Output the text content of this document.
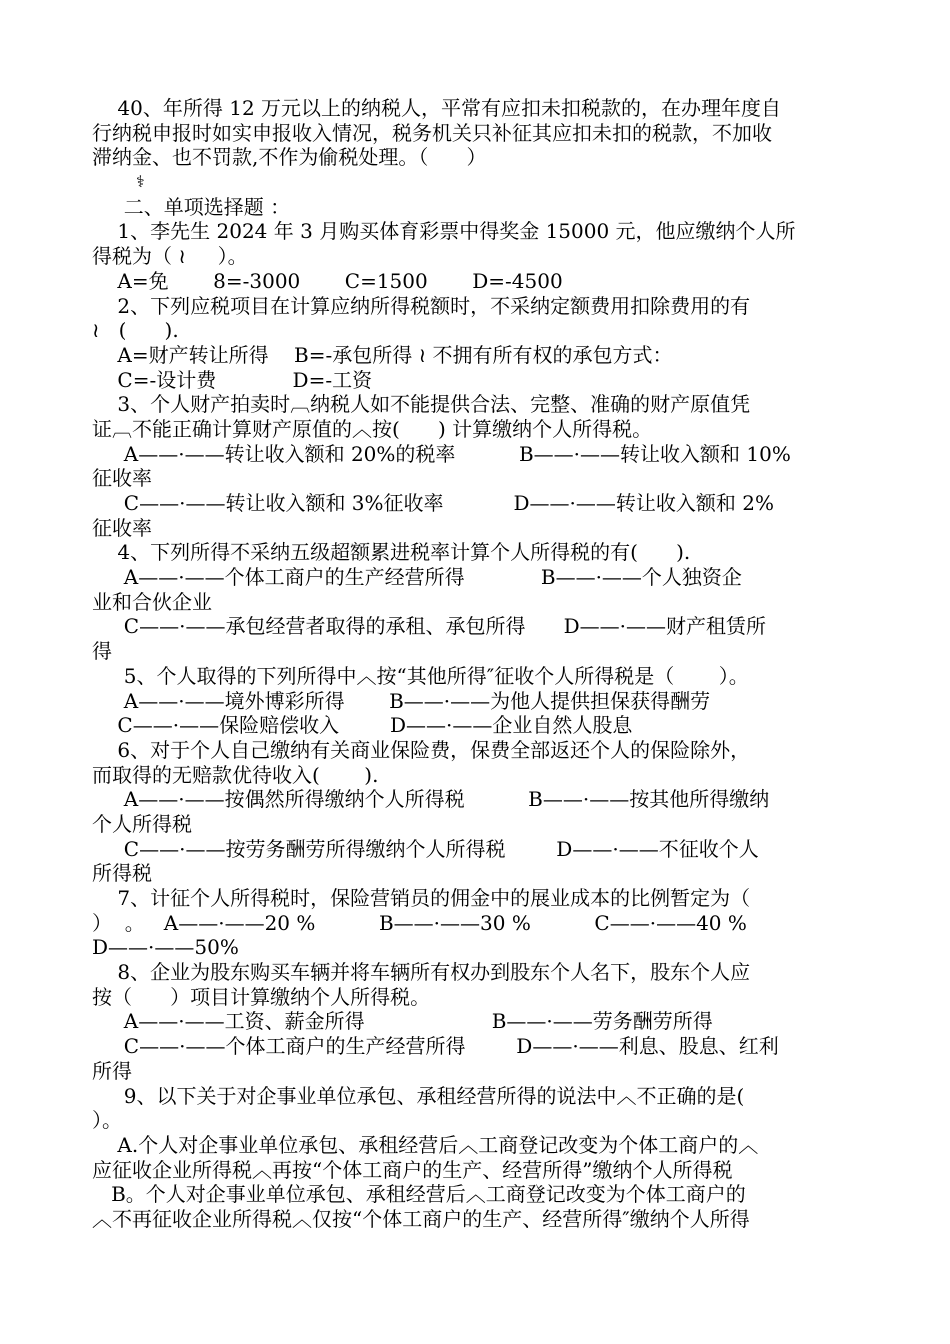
40、年所得 12 万元以上的纳税人，平常有应扣未扣税款的，在办理年度自

行纳税申报时如实申报收入情况，税务机关只补征其应扣未扣的税款，不加收

滞纳金、也不罚款,不作为偷税处理。（      ）

⚕

二、单项选择题 ：

1、李先生 2024 年 3 月购买体育彩票中得奖金 15000 元，他应缴纳个人所

得税为（ ≀     ）。

A=免       8=-3000       C=1500       D=-4500

2、下列应税项目在计算应纳所得税额时，不采纳定额费用扣除费用的有

≀   (      ).

A=财产转让所得    B=-承包所得 ≀ 不拥有所有权的承包方式：

C=-设计费            D=-工资

3、个人财产拍卖时︹纳税人如不能提供合法、完整、准确的财产原值凭

证︹不能正确计算财产原值的︿按(      ) 计算缴纳个人所得税。

A——·——转让收入额和 20%的税率          B——·——转让收入额和 10%

征收率

C——·——转让收入额和 3%征收率           D——·——转让收入额和 2%

征收率

4、下列所得不采纳五级超额累进税率计算个人所得税的有(      ).

A——·——个体工商户的生产经营所得            B——·——个人独资企

业和合伙企业

C——·——承包经营者取得的承租、承包所得      D——·——财产租赁所

得

5、个人取得的下列所得中︿按“其他所得″征收个人所得税是（       ）。

A——·——境外博彩所得       B——·——为他人提供担保获得酬劳

C——·——保险赔偿收入        D——·——企业自然人股息

6、对于个人自己缴纳有关商业保险费，保费全部返还个人的保险除外，

而取得的无赔款优待收入(       ).

A——·——按偶然所得缴纳个人所得税          B——·——按其他所得缴纳

个人所得税

C——·——按劳务酬劳所得缴纳个人所得税        D——·——不征收个人

所得税

7、计征个人所得税时，保险营销员的佣金中的展业成本的比例暂定为（

）  。   A——·——20 %          B——·——30 %          C——·——40 %

D——·——50%

8、企业为股东购买车辆并将车辆所有权办到股东个人名下，股东个人应

按（      ）项目计算缴纳个人所得税。

A——·——工资、薪金所得                    B——·——劳务酬劳所得

C——·——个体工商户的生产经营所得        D——·——利息、股息、红利

所得

9、以下关于对企事业单位承包、承租经营所得的说法中︿不正确的是(

）。

A.个人对企事业单位承包、承租经营后︿工商登记改变为个体工商户的︿

应征收企业所得税︿再按“个体工商户的生产、经营所得”缴纳个人所得税

B。个人对企事业单位承包、承租经营后︿工商登记改变为个体工商户的

︿不再征收企业所得税︿仅按“个体工商户的生产、经营所得″缴纳个人所得
